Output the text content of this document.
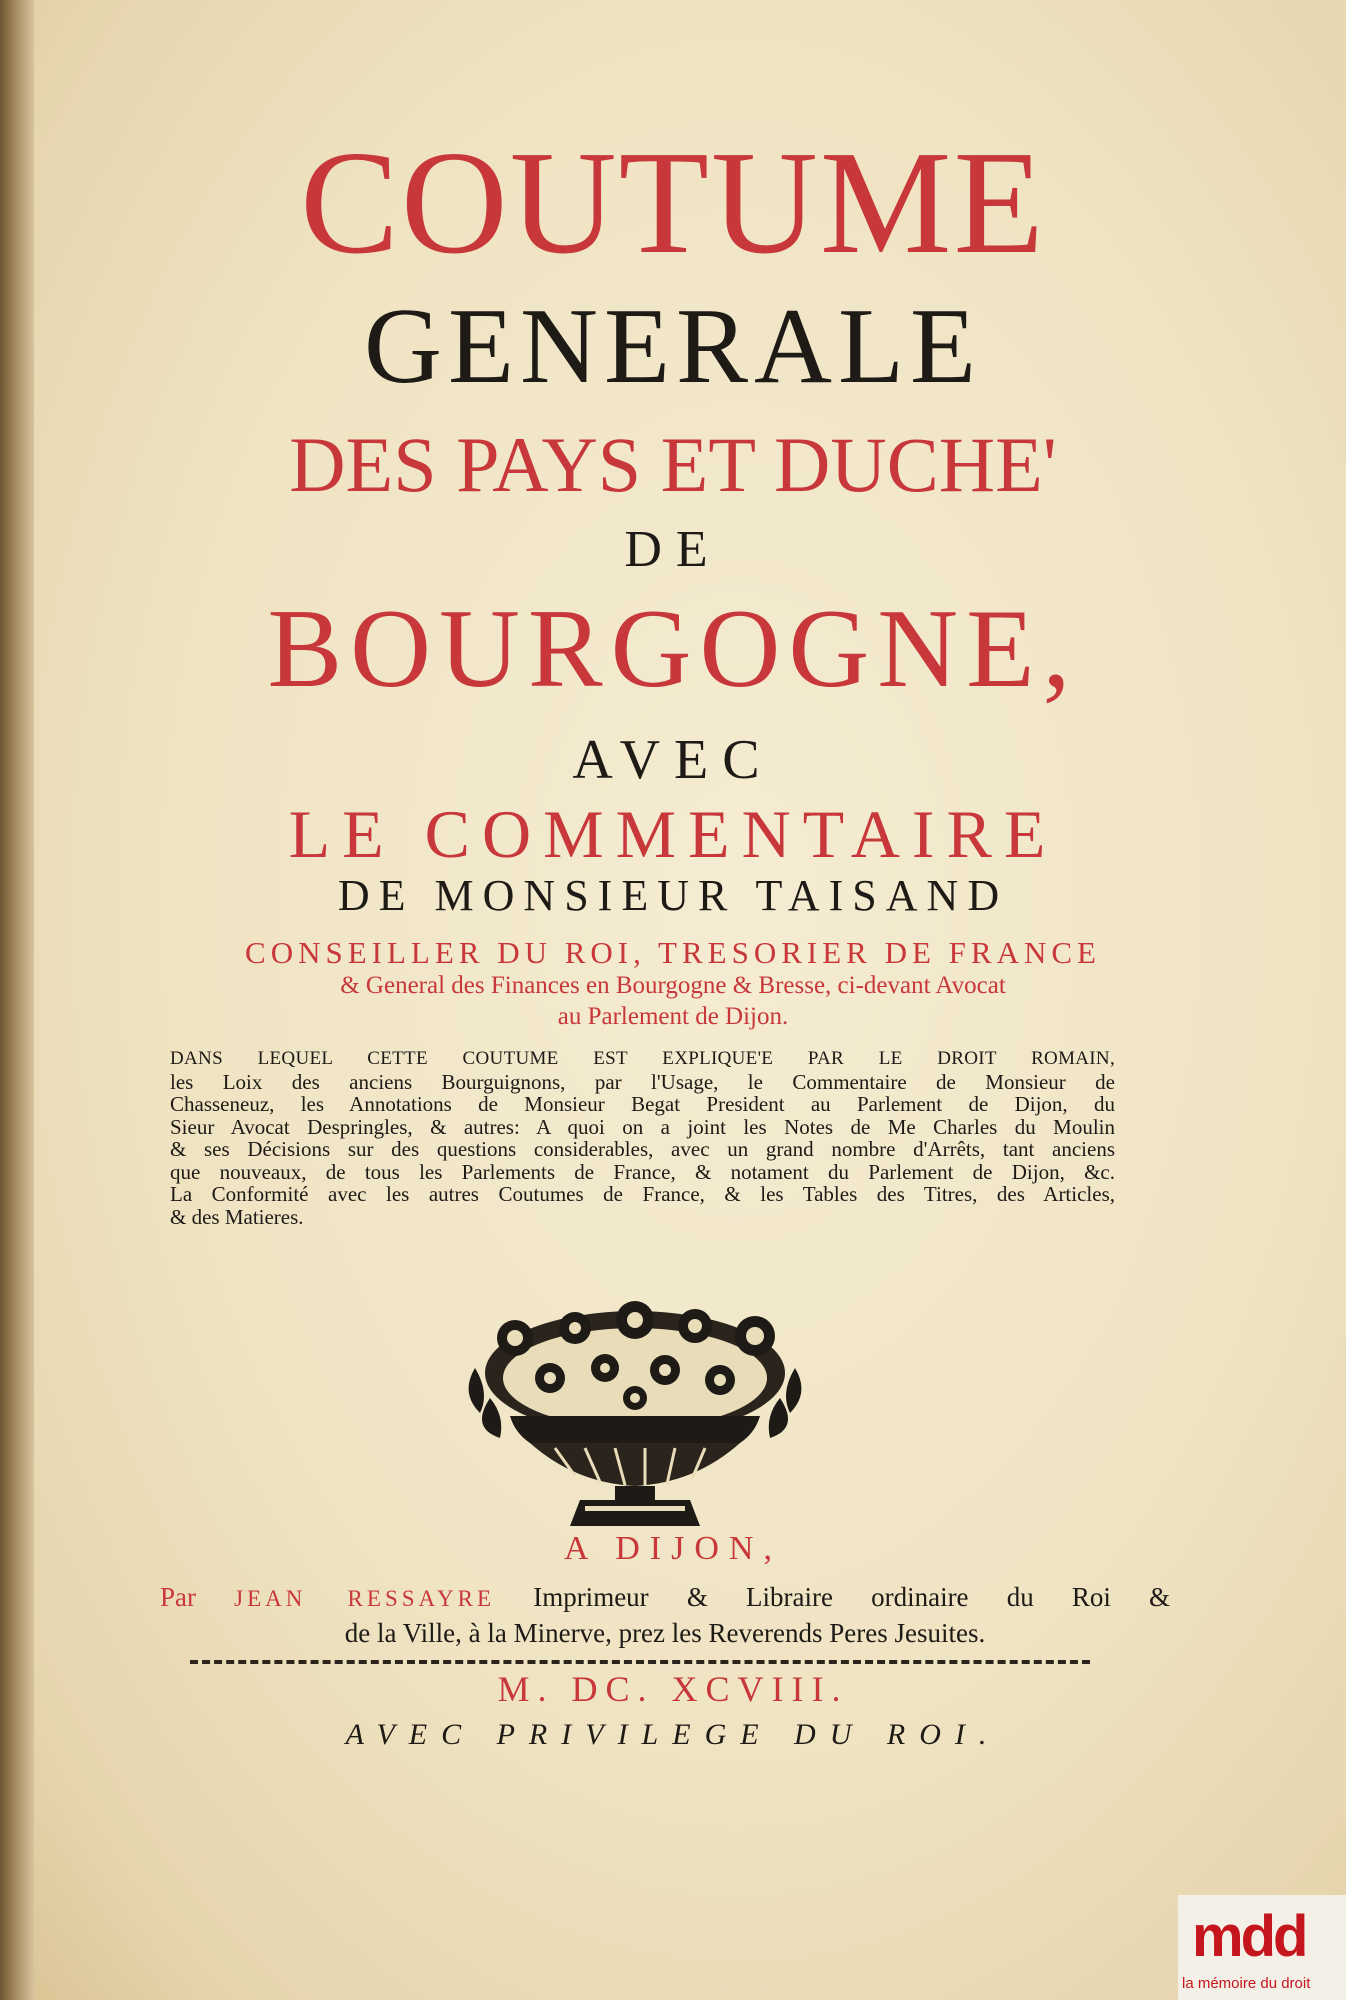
COUTUME
GENERALE
DES PAYS ET DUCHE'
DE
BOURGOGNE,
AVEC
LE COMMENTAIRE
DE MONSIEUR TAISAND
CONSEILLER DU ROI, TRESORIER DE FRANCE
& General des Finances en Bourgogne & Bresse, ci-devant Avocat
au Parlement de Dijon.
DANS LEQUEL CETTE COUTUME EST EXPLIQUE'E PAR LE DROIT ROMAIN,
les Loix des anciens Bourguignons, par l'Usage, le Commentaire de Monsieur de
Chasseneuz, les Annotations de Monsieur Begat President au Parlement de Dijon, du
Sieur Avocat Despringles, & autres: A quoi on a joint les Notes de Me Charles du Moulin
& ses Décisions sur des questions considerables, avec un grand nombre d'Arrêts, tant anciens
que nouveaux, de tous les Parlements de France, & notament du Parlement de Dijon, &c.
La Conformité avec les autres Coutumes de France, & les Tables des Titres, des Articles,
& des Matieres.
A DIJON,
Par JEAN RESSAYRE Imprimeur & Libraire ordinaire du Roi &
de la Ville, à la Minerve, prez les Reverends Peres Jesuites.
M. DC. XCVIII.
AVEC PRIVILEGE DU ROI.
mdd
la mémoire du droit
